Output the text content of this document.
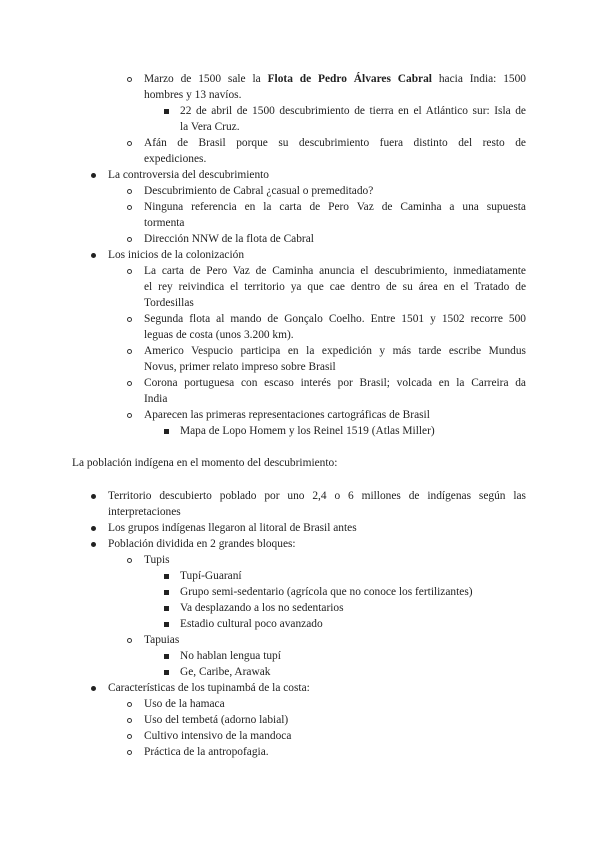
Marzo de 1500 sale la Flota de Pedro Álvares Cabral hacia India: 1500
hombres y 13 navíos.
22 de abril de 1500 descubrimiento de tierra en el Atlántico sur: Isla de
la Vera Cruz.
Afán de Brasil porque su descubrimiento fuera distinto del resto de
expediciones.
La controversia del descubrimiento
Descubrimiento de Cabral ¿casual o premeditado?
Ninguna referencia en la carta de Pero Vaz de Caminha a una supuesta
tormenta
Dirección NNW de la flota de Cabral
Los inicios de la colonización
La carta de Pero Vaz de Caminha anuncia el descubrimiento, inmediatamente
el rey reivindica el territorio ya que cae dentro de su área en el Tratado de
Tordesillas
Segunda flota al mando de Gonçalo Coelho. Entre 1501 y 1502 recorre 500
leguas de costa (unos 3.200 km).
Americo Vespucio participa en la expedición y más tarde escribe Mundus
Novus, primer relato impreso sobre Brasil
Corona portuguesa con escaso interés por Brasil; volcada en la Carreira da
India
Aparecen las primeras representaciones cartográficas de Brasil
Mapa de Lopo Homem y los Reinel 1519 (Atlas Miller)
La población indígena en el momento del descubrimiento:
Territorio descubierto poblado por uno 2,4 o 6 millones de indígenas según las
interpretaciones
Los grupos indígenas llegaron al litoral de Brasil antes
Población dividida en 2 grandes bloques:
Tupis
Tupí-Guaraní
Grupo semi-sedentario (agrícola que no conoce los fertilizantes)
Va desplazando a los no sedentarios
Estadio cultural poco avanzado
Tapuias
No hablan lengua tupí
Ge, Caribe, Arawak
Características de los tupinambá de la costa:
Uso de la hamaca
Uso del tembetá (adorno labial)
Cultivo intensivo de la mandoca
Práctica de la antropofagia.
